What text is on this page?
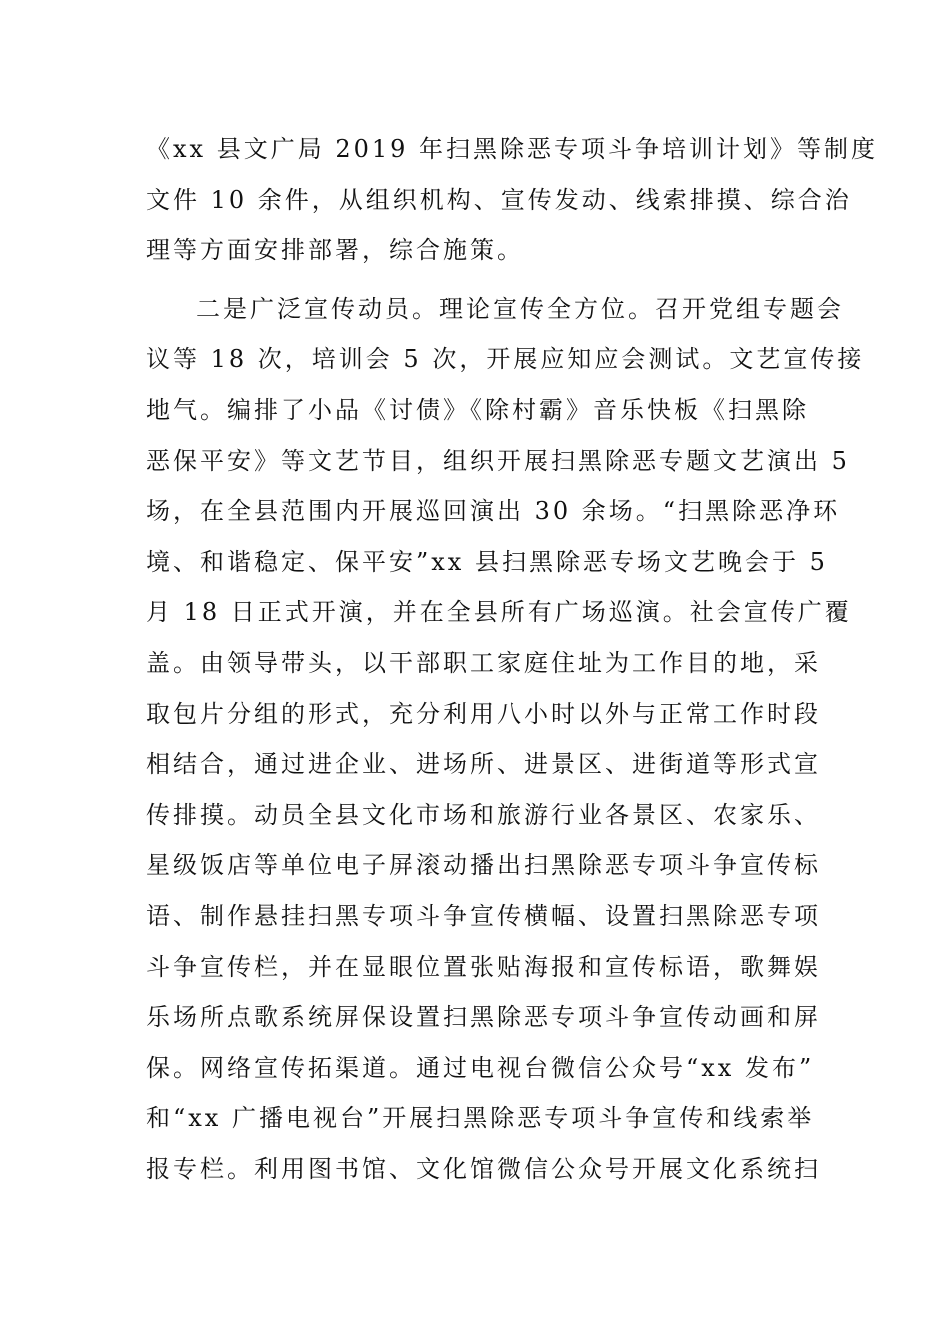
《xx 县文广局 2019 年扫黑除恶专项斗争培训计划》等制度
文件 10 余件，从组织机构、宣传发动、线索排摸、综合治
理等方面安排部署，综合施策。
二是广泛宣传动员。理论宣传全方位。召开党组专题会
议等 18 次，培训会 5 次，开展应知应会测试。文艺宣传接
地气。编排了小品《讨债》《除村霸》音乐快板《扫黑除
恶保平安》等文艺节目，组织开展扫黑除恶专题文艺演出 5
场，在全县范围内开展巡回演出 30 余场。“扫黑除恶净环
境、和谐稳定、保平安”xx 县扫黑除恶专场文艺晚会于 5
月 18 日正式开演，并在全县所有广场巡演。社会宣传广覆
盖。由领导带头，以干部职工家庭住址为工作目的地，采
取包片分组的形式，充分利用八小时以外与正常工作时段
相结合，通过进企业、进场所、进景区、进街道等形式宣
传排摸。动员全县文化市场和旅游行业各景区、农家乐、
星级饭店等单位电子屏滚动播出扫黑除恶专项斗争宣传标
语、制作悬挂扫黑专项斗争宣传横幅、设置扫黑除恶专项
斗争宣传栏，并在显眼位置张贴海报和宣传标语，歌舞娱
乐场所点歌系统屏保设置扫黑除恶专项斗争宣传动画和屏
保。网络宣传拓渠道。通过电视台微信公众号“xx 发布”
和“xx 广播电视台”开展扫黑除恶专项斗争宣传和线索举
报专栏。利用图书馆、文化馆微信公众号开展文化系统扫
